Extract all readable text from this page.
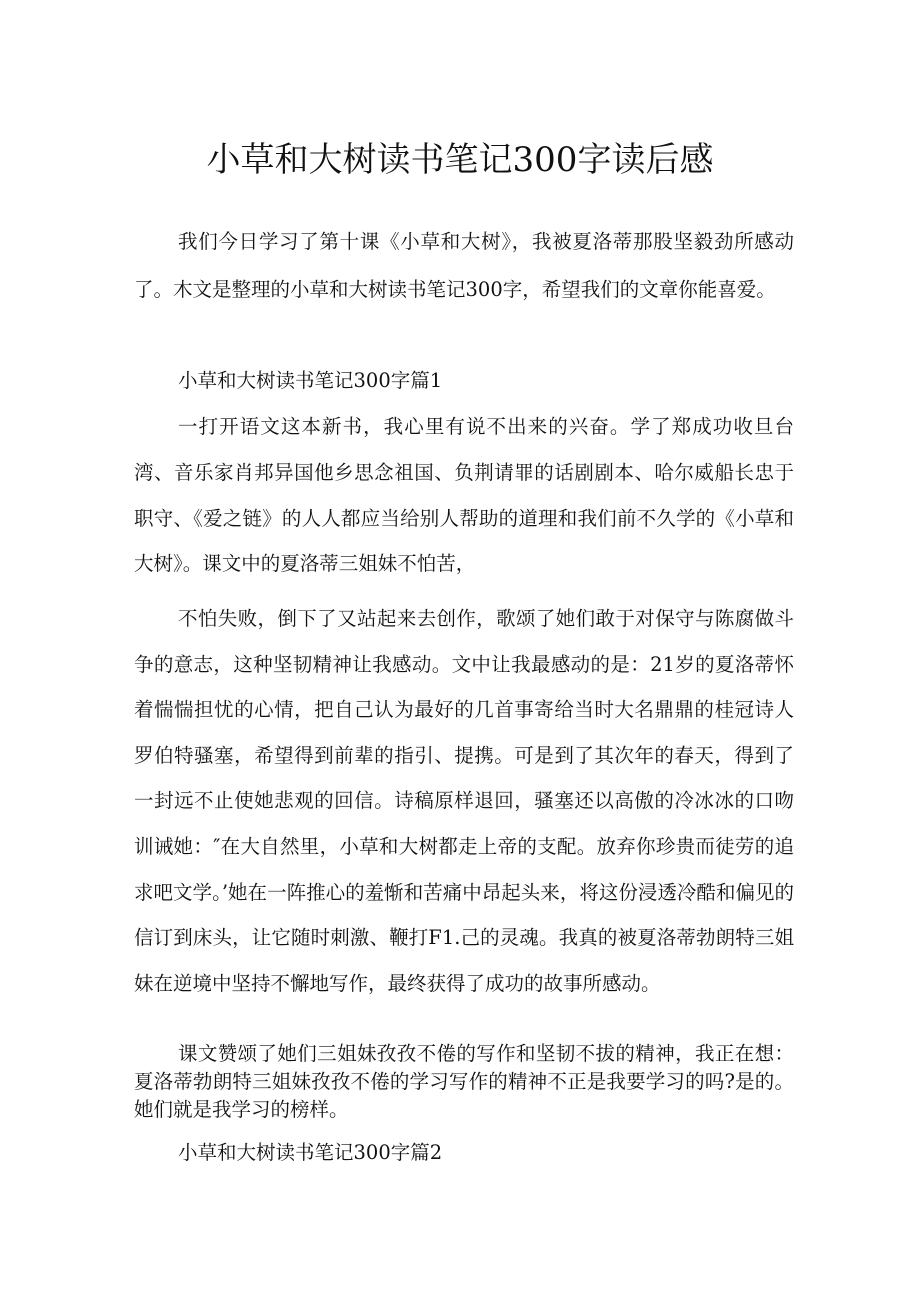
小草和大树读书笔记300字读后感

我们今日学习了第十课《小草和大树》，我被夏洛蒂那股坚毅劲所感动了。木文是整理的小草和大树读书笔记300字，希望我们的文章你能喜爱。

小草和大树读书笔记300字篇1

一打开语文这本新书，我心里有说不出来的兴奋。学了郑成功收旦台湾、音乐家肖邦异国他乡思念祖国、负荆请罪的话剧剧本、哈尔威船长忠于职守、《爱之链》的人人都应当给别人帮助的道理和我们前不久学的《小草和大树》。课文中的夏洛蒂三姐妹不怕苦，

不怕失败，倒下了又站起来去创作，歌颂了她们敢于对保守与陈腐做斗争的意志，这种坚韧精神让我感动。文中让我最感动的是：21岁的夏洛蒂怀着惴惴担忧的心情，把自己认为最好的几首事寄给当时大名鼎鼎的桂冠诗人罗伯特骚塞，希望得到前辈的指引、提携。可是到了其次年的春天，得到了一封远不止使她悲观的回信。诗稿原样退回，骚塞还以高傲的冷冰冰的口吻训诫她：″在大自然里，小草和大树都走上帝的支配。放弃你珍贵而徒劳的追求吧文学。’她在一阵推心的羞惭和苦痛中昂起头来，将这份浸透冷酷和偏见的信订到床头，让它随时刺激、鞭打F1.己的灵魂。我真的被夏洛蒂勃朗特三姐妹在逆境中坚持不懈地写作，最终获得了成功的故事所感动。

课文赞颂了她们三姐妹孜孜不倦的写作和坚韧不拔的精神，我正在想：夏洛蒂勃朗特三姐妹孜孜不倦的学习写作的精神不正是我要学习的吗?是的。她们就是我学习的榜样。

小草和大树读书笔记300字篇2
